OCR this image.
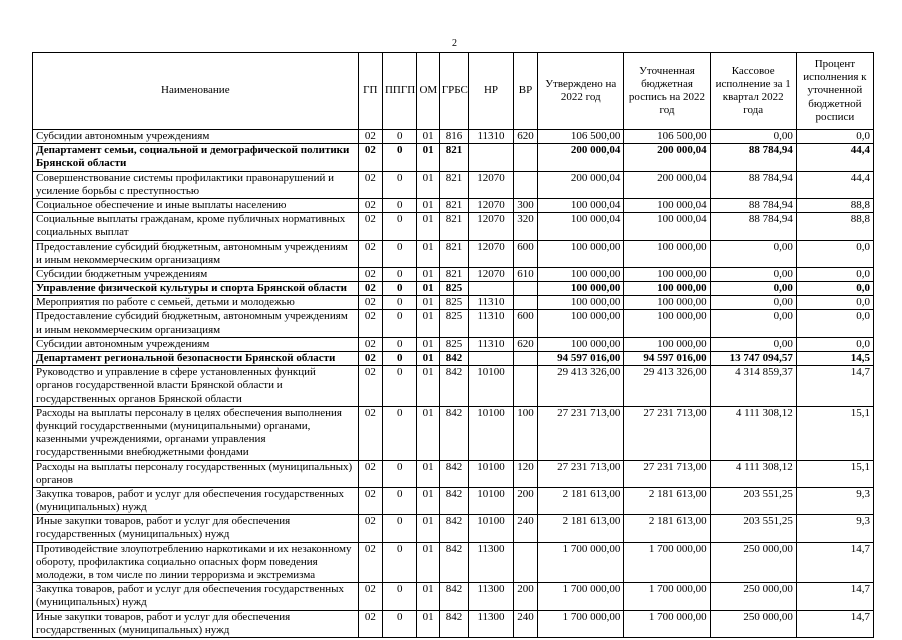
2
Наименование	ГП	ППГП	ОМ	ГРБС	НР	ВР	Утверждено на 2022 год	Уточненная бюджетная роспись на 2022 год	Кассовое исполнение за 1 квартал 2022 года	Процент исполнения к уточненной бюджетной росписи
Субсидии автономным учреждениям	02	0	01	816	11310	620	106 500,00	106 500,00	0,00	0,0
Департамент семьи, социальной и демографической политики Брянской области	02	0	01	821			200 000,04	200 000,04	88 784,94	44,4
Совершенствование системы профилактики правонарушений и усиление борьбы с преступностью	02	0	01	821	12070		200 000,04	200 000,04	88 784,94	44,4
Социальное обеспечение и иные выплаты населению	02	0	01	821	12070	300	100 000,04	100 000,04	88 784,94	88,8
Социальные выплаты гражданам, кроме публичных нормативных социальных выплат	02	0	01	821	12070	320	100 000,04	100 000,04	88 784,94	88,8
Предоставление субсидий бюджетным, автономным учреждениям и иным некоммерческим организациям	02	0	01	821	12070	600	100 000,00	100 000,00	0,00	0,0
Субсидии бюджетным учреждениям	02	0	01	821	12070	610	100 000,00	100 000,00	0,00	0,0
Управление физической культуры и спорта Брянской области	02	0	01	825			100 000,00	100 000,00	0,00	0,0
Мероприятия по работе с семьей, детьми и молодежью	02	0	01	825	11310		100 000,00	100 000,00	0,00	0,0
Предоставление субсидий бюджетным, автономным учреждениям и иным некоммерческим организациям	02	0	01	825	11310	600	100 000,00	100 000,00	0,00	0,0
Субсидии автономным учреждениям	02	0	01	825	11310	620	100 000,00	100 000,00	0,00	0,0
Департамент региональной безопасности Брянской области	02	0	01	842			94 597 016,00	94 597 016,00	13 747 094,57	14,5
Руководство и управление в сфере установленных функций органов государственной власти Брянской области и государственных органов Брянской области	02	0	01	842	10100		29 413 326,00	29 413 326,00	4 314 859,37	14,7
Расходы на выплаты персоналу в целях обеспечения выполнения функций государственными (муниципальными) органами, казенными учреждениями, органами управления государственными внебюджетными фондами	02	0	01	842	10100	100	27 231 713,00	27 231 713,00	4 111 308,12	15,1
Расходы на выплаты персоналу государственных (муниципальных) органов	02	0	01	842	10100	120	27 231 713,00	27 231 713,00	4 111 308,12	15,1
Закупка товаров, работ и услуг для обеспечения государственных (муниципальных) нужд	02	0	01	842	10100	200	2 181 613,00	2 181 613,00	203 551,25	9,3
Иные закупки товаров, работ и услуг для обеспечения государственных (муниципальных) нужд	02	0	01	842	10100	240	2 181 613,00	2 181 613,00	203 551,25	9,3
Противодействие злоупотреблению наркотиками и их незаконному обороту, профилактика социально опасных форм поведения молодежи, в том числе по линии терроризма и экстремизма	02	0	01	842	11300		1 700 000,00	1 700 000,00	250 000,00	14,7
Закупка товаров, работ и услуг для обеспечения государственных (муниципальных) нужд	02	0	01	842	11300	200	1 700 000,00	1 700 000,00	250 000,00	14,7
Иные закупки товаров, работ и услуг для обеспечения государственных (муниципальных) нужд	02	0	01	842	11300	240	1 700 000,00	1 700 000,00	250 000,00	14,7
